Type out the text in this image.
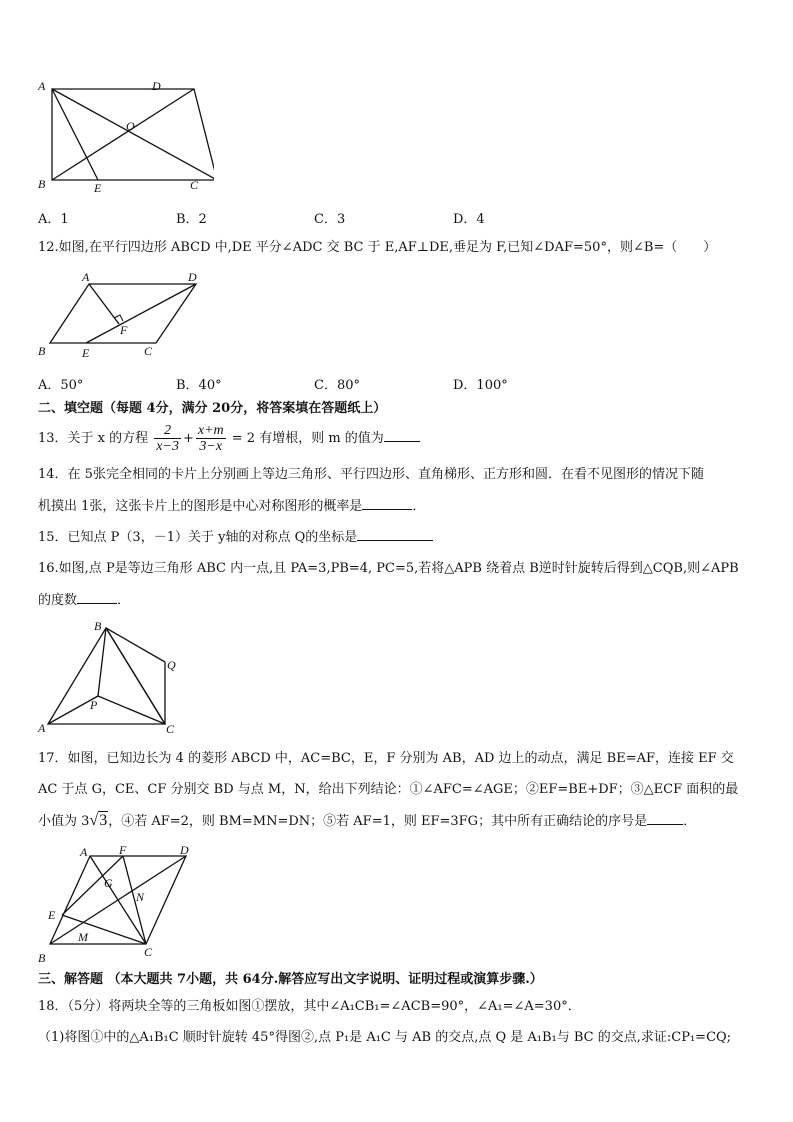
A	D
B	E	C
O
A．1	B．2	C．3	D．4
12.如图,在平行四边形 ABCD 中,DE 平分∠ADC 交 BC 于 E,AF⊥DE,垂足为 F,已知∠DAF=50°，则∠B=（　　）
A	D
B	E	C
F
A．50°	B．40°	C．80°	D．100°
二、填空题（每题 4分，满分 20分，将答案填在答题纸上）
13．关于 x 的方程 $\frac{2}{x-3} + \frac{x+m}{3-x} = 2$ 有增根，则 m 的值为
14．在 5张完全相同的卡片上分别画上等边三角形、平行四边形、直角梯形、正方形和圆．在看不见图形的情况下随
机摸出 1张，这张卡片上的图形是中心对称图形的概率是	．
15．已知点 P（3，－1）关于 y轴的对称点 Q的坐标是
16.如图,点 P是等边三角形 ABC 内一点,且 PA=3,PB=4, PC=5,若将△APB 绕着点 B逆时针旋转后得到△CQB,则∠APB
的度数	．
B
Q
P
A	C
17．如图，已知边长为 4 的菱形 ABCD 中，AC=BC，E，F 分别为 AB，AD 边上的动点，满足 BE=AF，连接 EF 交
AC 于点 G，CE、CF 分别交 BD 与点 M，N，给出下列结论：①∠AFC=∠AGE；②EF=BE+DF；③△ECF 面积的最
小值为 3√3，④若 AF=2，则 BM=MN=DN；⑤若 AF=1，则 EF=3FG；其中所有正确结论的序号是	．
A	F	D
G
N
E
M
B	C
三、解答题 （本大题共 7小题，共 64分.解答应写出文字说明、证明过程或演算步骤.）
18．（5分）将两块全等的三角板如图①摆放，其中∠A₁CB₁=∠ACB=90°，∠A₁=∠A=30°．
（1)将图①中的△A₁B₁C 顺时针旋转 45°得图②,点 P₁是 A₁C 与 AB 的交点,点 Q 是 A₁B₁与 BC 的交点,求证:CP₁=CQ;
